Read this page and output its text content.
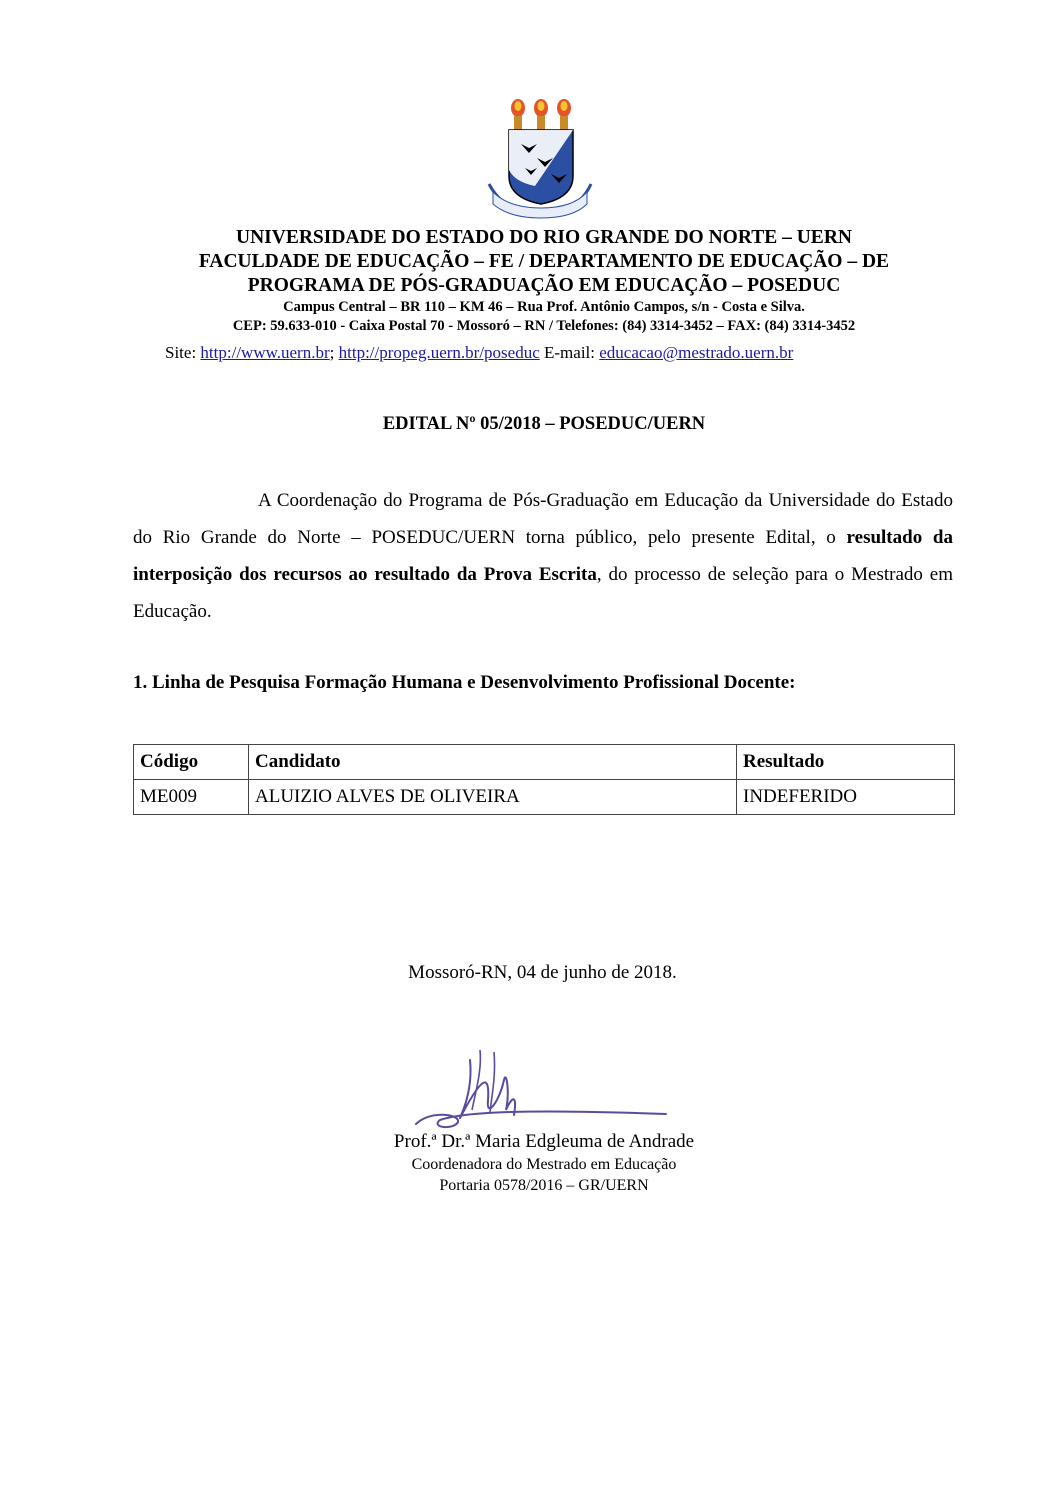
UNIVERSIDADE DO ESTADO DO RIO GRANDE DO NORTE – UERN
FACULDADE DE EDUCAÇÃO – FE / DEPARTAMENTO DE EDUCAÇÃO – DE
PROGRAMA DE PÓS-GRADUAÇÃO EM EDUCAÇÃO – POSEDUC
Campus Central – BR 110 – KM 46 – Rua Prof. Antônio Campos, s/n - Costa e Silva.
CEP: 59.633-010 - Caixa Postal 70 - Mossoró – RN / Telefones: (84) 3314-3452 – FAX: (84) 3314-3452
Site: http://www.uern.br; http://propeg.uern.br/poseduc E-mail: educacao@mestrado.uern.br
EDITAL Nº 05/2018 – POSEDUC/UERN

A Coordenação do Programa de Pós-Graduação em Educação da Universidade do Estado do Rio Grande do Norte – POSEDUC/UERN torna público, pelo presente Edital, o resultado da interposição dos recursos ao resultado da Prova Escrita, do processo de seleção para o Mestrado em Educação.

1. Linha de Pesquisa Formação Humana e Desenvolvimento Profissional Docente:
Código	Candidato	Resultado
ME009	ALUIZIO ALVES DE OLIVEIRA	INDEFERIDO
Mossoró-RN, 04 de junho de 2018.
Prof.ª Dr.ª Maria Edgleuma de Andrade
Coordenadora do Mestrado em Educação
Portaria 0578/2016 – GR/UERN
